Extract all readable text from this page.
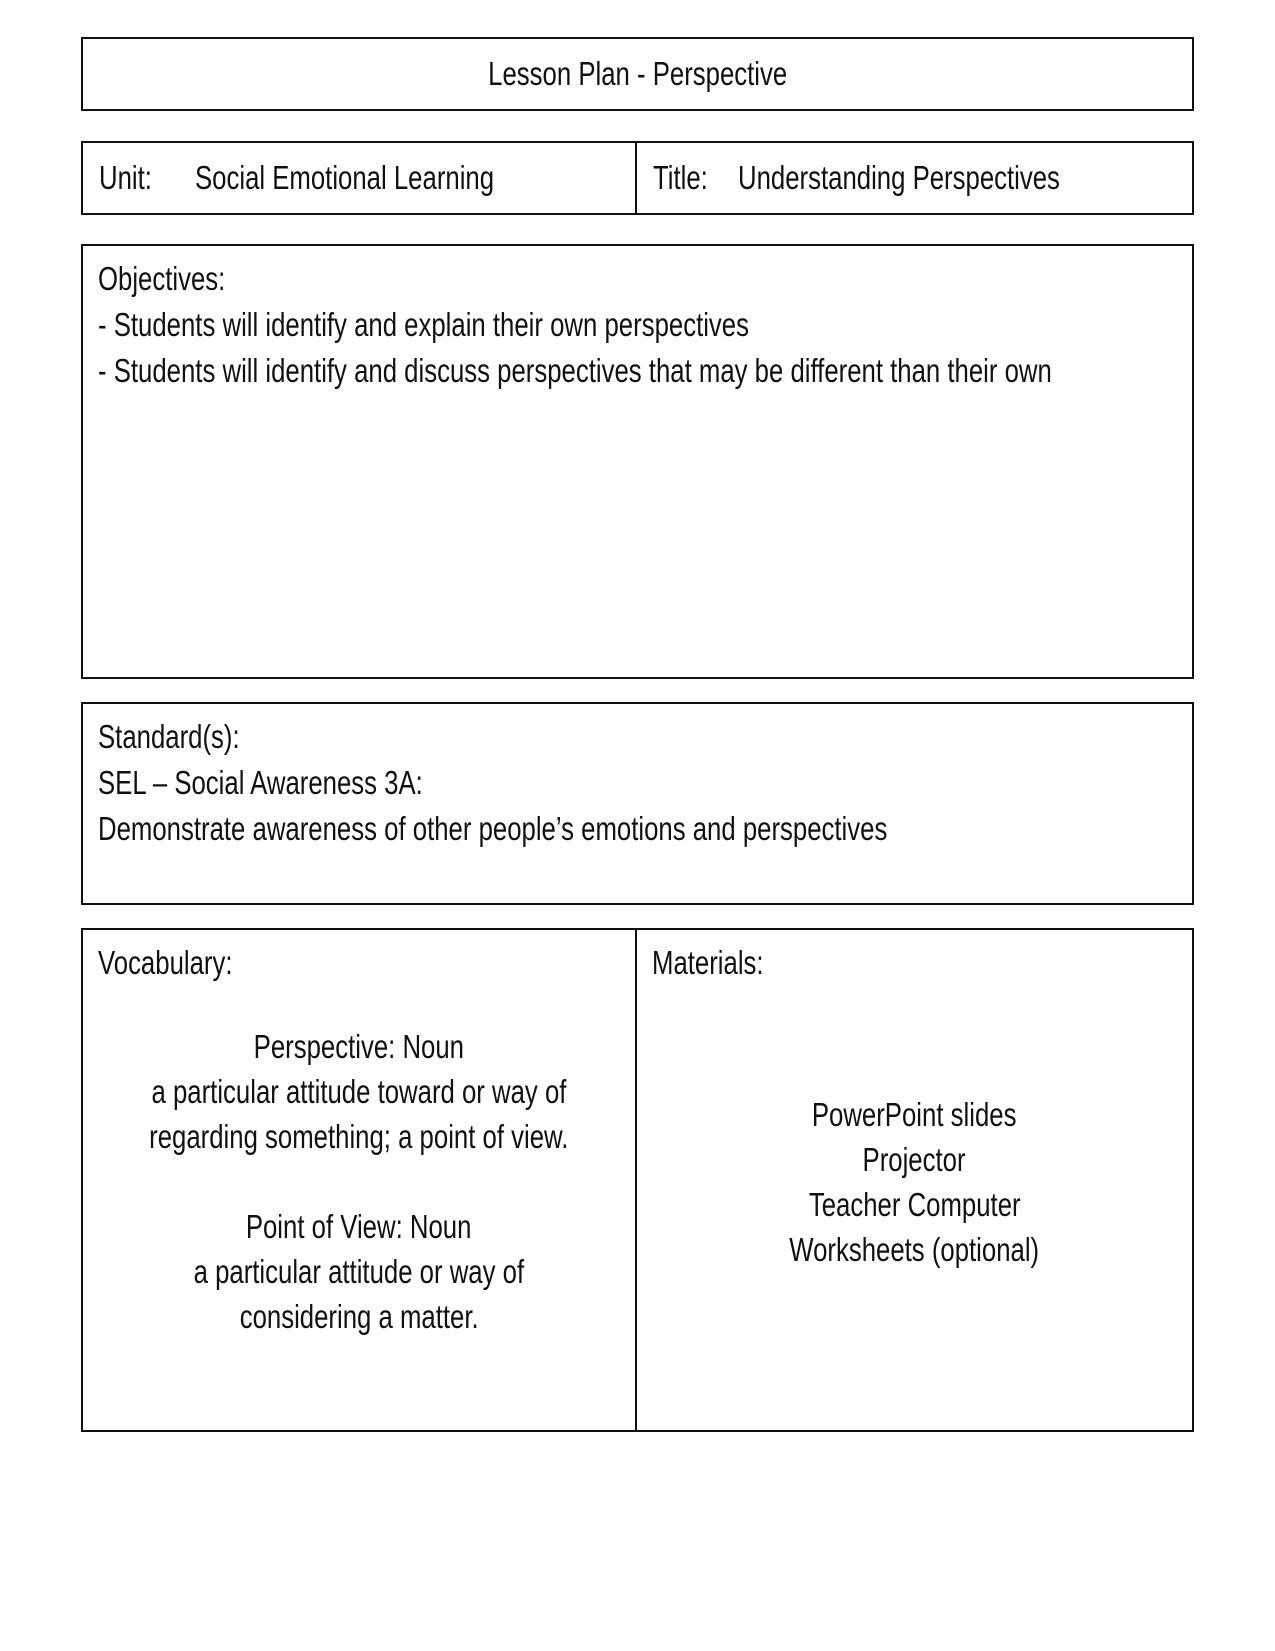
Lesson Plan - Perspective
Unit:	Social Emotional Learning	Title: Understanding Perspectives
Objectives:
- Students will identify and explain their own perspectives
- Students will identify and discuss perspectives that may be different than their own
Standard(s):
SEL – Social Awareness 3A:
Demonstrate awareness of other people’s emotions and perspectives
Vocabulary:
Perspective: Noun
a particular attitude toward or way of
regarding something; a point of view.
Point of View: Noun
a particular attitude or way of
considering a matter.
Materials:
PowerPoint slides
Projector
Teacher Computer
Worksheets (optional)
